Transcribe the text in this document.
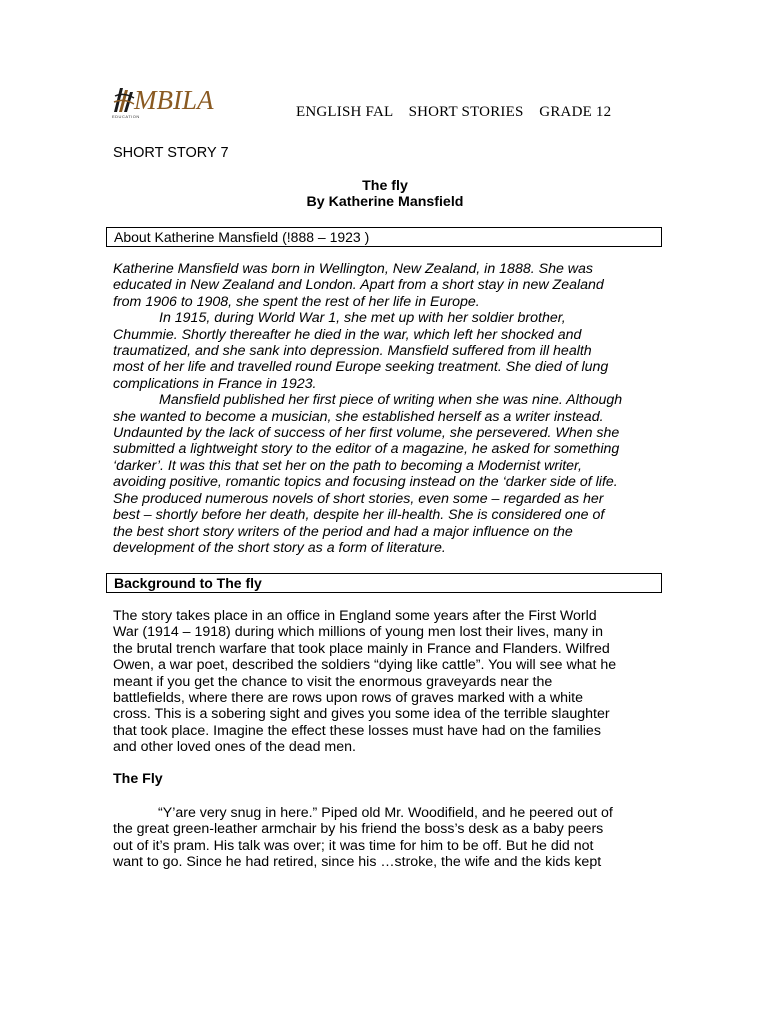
MBILA
EDUCATION	ENGLISH FAL    SHORT STORIES    GRADE 12
SHORT STORY 7
The fly
By Katherine Mansfield
About Katherine Mansfield (!888 – 1923 )
Katherine Mansfield was born in Wellington, New Zealand, in 1888. She was
educated in New Zealand and London. Apart from a short stay in new Zealand
from 1906 to 1908, she spent the rest of her life in Europe.
In 1915, during World War 1, she met up with her soldier brother,
Chummie. Shortly thereafter he died in the war, which left her shocked and
traumatized, and she sank into depression. Mansfield suffered from ill health
most of her life and travelled round Europe seeking treatment. She died of lung
complications in France in 1923.
Mansfield published her first piece of writing when she was nine. Although
she wanted to become a musician, she established herself as a writer instead.
Undaunted by the lack of success of her first volume, she persevered. When she
submitted a lightweight story to the editor of a magazine, he asked for something
‘darker’. It was this that set her on the path to becoming a Modernist writer,
avoiding positive, romantic topics and focusing instead on the ‘darker side of life.
She produced numerous novels of short stories, even some – regarded as her
best – shortly before her death, despite her ill-health. She is considered one of
the best short story writers of the period and had a major influence on the
development of the short story as a form of literature.
Background to The fly
The story takes place in an office in England some years after the First World
War (1914 – 1918) during which millions of young men lost their lives, many in
the brutal trench warfare that took place mainly in France and Flanders. Wilfred
Owen, a war poet, described the soldiers “dying like cattle”. You will see what he
meant if you get the chance to visit the enormous graveyards near the
battlefields, where there are rows upon rows of graves marked with a white
cross. This is a sobering sight and gives you some idea of the terrible slaughter
that took place. Imagine the effect these losses must have had on the families
and other loved ones of the dead men.
The Fly
“Y’are very snug in here.” Piped old Mr. Woodifield, and he peered out of
the great green-leather armchair by his friend the boss’s desk as a baby peers
out of it’s pram. His talk was over; it was time for him to be off. But he did not
want to go. Since he had retired, since his …stroke, the wife and the kids kept
